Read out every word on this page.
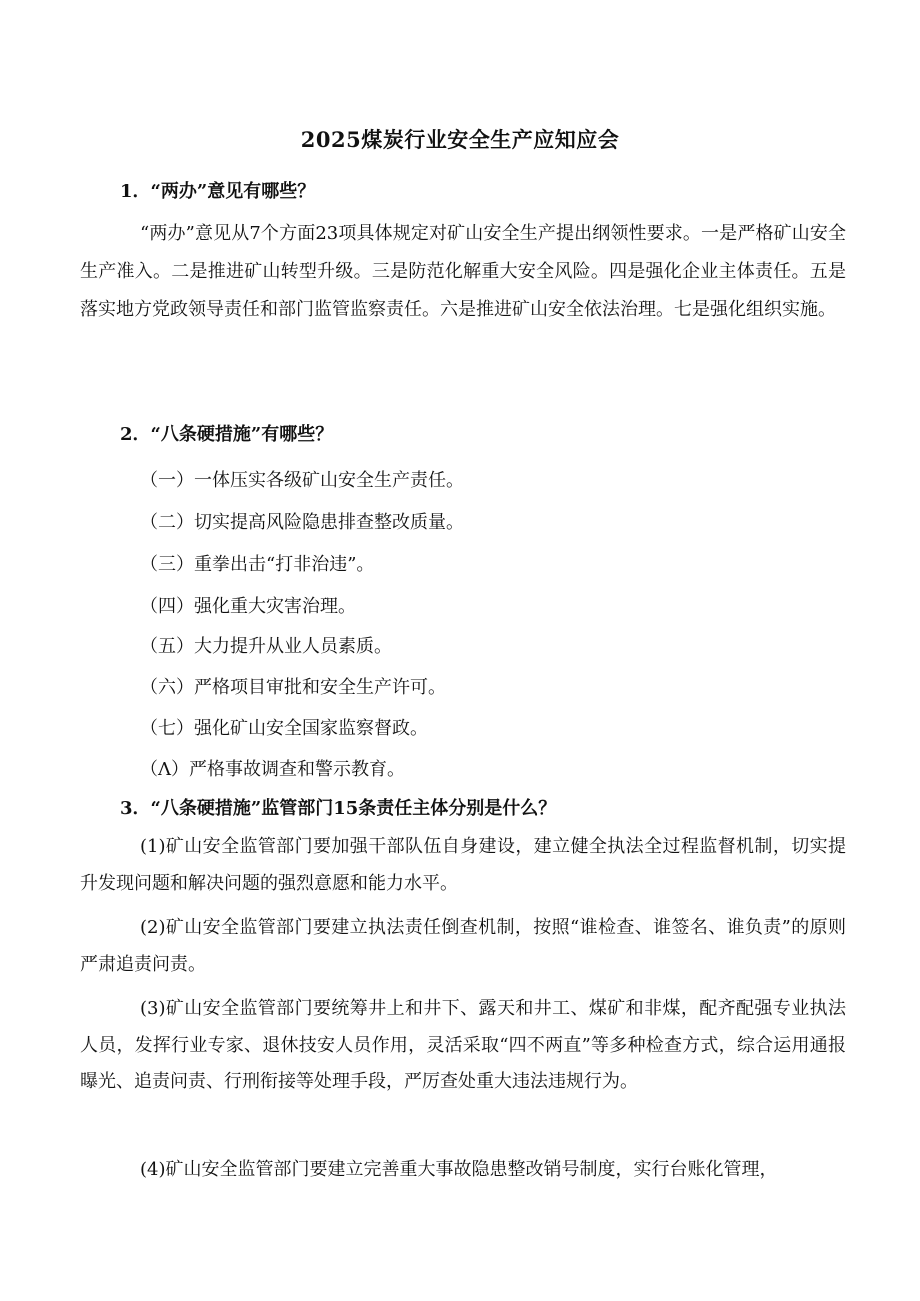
2025煤炭行业安全生产应知应会
1．“两办”意见有哪些？

“两办”意见从7个方面23项具体规定对矿山安全生产提出纲领性要求。一是严格矿山安全生产准入。二是推进矿山转型升级。三是防范化解重大安全风险。四是强化企业主体责任。五是落实地方党政领导责任和部门监管监察责任。六是推进矿山安全依法治理。七是强化组织实施。

2．“八条硬措施”有哪些？
（一）一体压实各级矿山安全生产责任。
（二）切实提高风险隐患排查整改质量。
（三）重拳出击“打非治违”。
（四）强化重大灾害治理。
（五）大力提升从业人员素质。
（六）严格项目审批和安全生产许可。
（七）强化矿山安全国家监察督政。
（Λ）严格事故调查和警示教育。
3．“八条硬措施”监管部门15条责任主体分别是什么？

(1)矿山安全监管部门要加强干部队伍自身建设，建立健全执法全过程监督机制，切实提升发现问题和解决问题的强烈意愿和能力水平。

(2)矿山安全监管部门要建立执法责任倒查机制，按照“谁检查、谁签名、谁负责”的原则严肃追责问责。

(3)矿山安全监管部门要统筹井上和井下、露天和井工、煤矿和非煤，配齐配强专业执法人员，发挥行业专家、退休技安人员作用，灵活采取“四不两直”等多种检查方式，综合运用通报曝光、追责问责、行刑衔接等处理手段，严厉查处重大违法违规行为。

(4)矿山安全监管部门要建立完善重大事故隐患整改销号制度，实行台账化管理，
